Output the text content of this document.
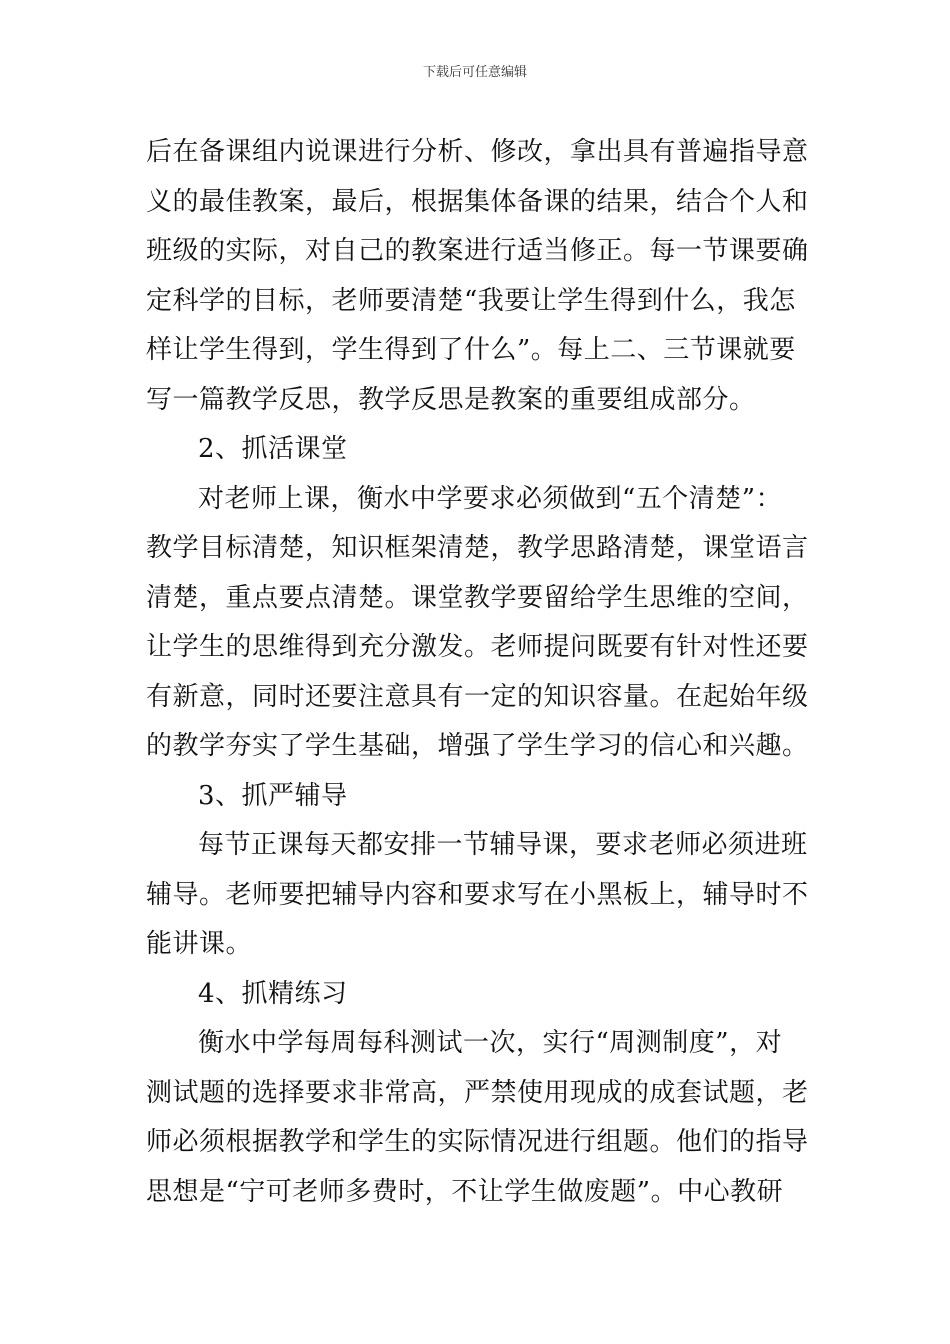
下载后可任意编辑
后在备课组内说课进行分析、修改，拿出具有普遍指导意
义的最佳教案，最后，根据集体备课的结果，结合个人和
班级的实际，对自己的教案进行适当修正。每一节课要确
定科学的目标，老师要清楚“我要让学生得到什么，我怎
样让学生得到，学生得到了什么”。每上二、三节课就要
写一篇教学反思，教学反思是教案的重要组成部分。
2、抓活课堂
对老师上课，衡水中学要求必须做到“五个清楚”：
教学目标清楚，知识框架清楚，教学思路清楚，课堂语言
清楚，重点要点清楚。课堂教学要留给学生思维的空间，
让学生的思维得到充分激发。老师提问既要有针对性还要
有新意，同时还要注意具有一定的知识容量。在起始年级
的教学夯实了学生基础，增强了学生学习的信心和兴趣。
3、抓严辅导
每节正课每天都安排一节辅导课，要求老师必须进班
辅导。老师要把辅导内容和要求写在小黑板上，辅导时不
能讲课。
4、抓精练习
衡水中学每周每科测试一次，实行“周测制度”，对
测试题的选择要求非常高，严禁使用现成的成套试题，老
师必须根据教学和学生的实际情况进行组题。他们的指导
思想是“宁可老师多费时，不让学生做废题”。中心教研
